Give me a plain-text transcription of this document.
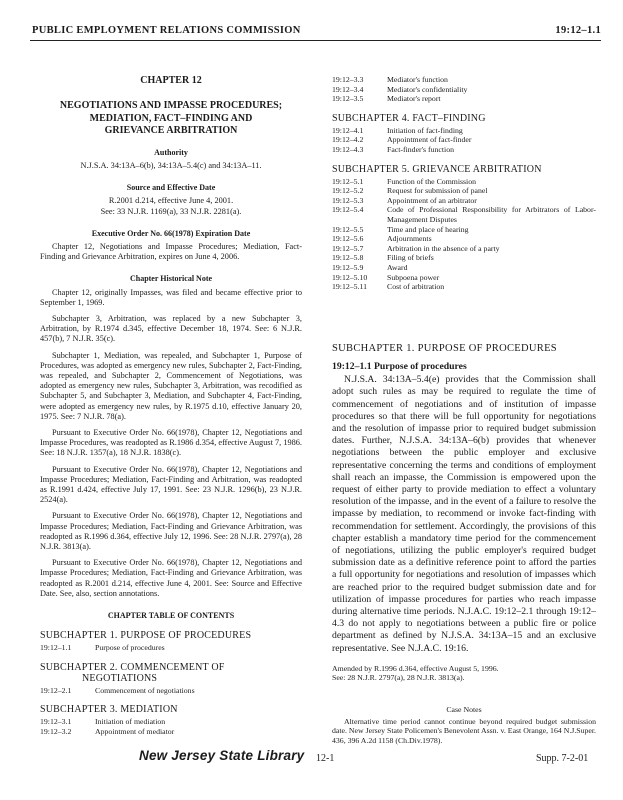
PUBLIC EMPLOYMENT RELATIONS COMMISSION	19:12–1.1
CHAPTER 12
NEGOTIATIONS AND IMPASSE PROCEDURES;
MEDIATION, FACT–FINDING AND
GRIEVANCE ARBITRATION
Authority
N.J.S.A. 34:13A–6(b), 34:13A–5.4(c) and 34:13A–11.
Source and Effective Date
R.2001 d.214, effective June 4, 2001.
See: 33 N.J.R. 1169(a), 33 N.J.R. 2281(a).
Executive Order No. 66(1978) Expiration Date
Chapter 12, Negotiations and Impasse Procedures; Mediation, Fact-Finding and Grievance Arbitration, expires on June 4, 2006.
Chapter Historical Note
Chapter 12, originally Impasses, was filed and became effective prior to September 1, 1969.
Subchapter 3, Arbitration, was replaced by a new Subchapter 3, Arbitration, by R.1974 d.345, effective December 18, 1974. See: 6 N.J.R. 457(b), 7 N.J.R. 35(c).
Subchapter 1, Mediation, was repealed, and Subchapter 1, Purpose of Procedures, was adopted as emergency new rules, Subchapter 2, Fact-Finding, was repealed, and Subchapter 2, Commencement of Negotiations, was adopted as emergency new rules, Subchapter 3, Arbitration, was recodified as Subchapter 5, and Subchapter 3, Mediation, and Subchapter 4, Fact-Finding, were adopted as emergency new rules, by R.1975 d.10, effective January 20, 1975. See: 7 N.J.R. 78(a).
Pursuant to Executive Order No. 66(1978), Chapter 12, Negotiations and Impasse Procedures, was readopted as R.1986 d.354, effective August 7, 1986. See: 18 N.J.R. 1357(a), 18 N.J.R. 1838(c).
Pursuant to Executive Order No. 66(1978), Chapter 12, Negotiations and Impasse Procedures; Mediation, Fact-Finding and Arbitration, was readopted as R.1991 d.424, effective July 17, 1991. See: 23 N.J.R. 1296(b), 23 N.J.R. 2524(a).
Pursuant to Executive Order No. 66(1978), Chapter 12, Negotiations and Impasse Procedures; Mediation, Fact-Finding and Grievance Arbitration, was readopted as R.1996 d.364, effective July 12, 1996. See: 28 N.J.R. 2797(a), 28 N.J.R. 3813(a).
Pursuant to Executive Order No. 66(1978), Chapter 12, Negotiations and Impasse Procedures; Mediation, Fact-Finding and Grievance Arbitration, was readopted as R.2001 d.214, effective June 4, 2001. See: Source and Effective Date. See, also, section annotations.
CHAPTER TABLE OF CONTENTS
SUBCHAPTER 1. PURPOSE OF PROCEDURES
19:12–1.1	Purpose of procedures
SUBCHAPTER 2. COMMENCEMENT OF
NEGOTIATIONS
19:12–2.1	Commencement of negotiations
SUBCHAPTER 3. MEDIATION
19:12–3.1	Initiation of mediation
19:12–3.2	Appointment of mediator
19:12–3.3	Mediator's function
19:12–3.4	Mediator's confidentiality
19:12–3.5	Mediator's report
SUBCHAPTER 4. FACT–FINDING
19:12–4.1	Initiation of fact-finding
19:12–4.2	Appointment of fact-finder
19:12–4.3	Fact-finder's function
SUBCHAPTER 5. GRIEVANCE ARBITRATION
19:12–5.1	Function of the Commission
19:12–5.2	Request for submission of panel
19:12–5.3	Appointment of an arbitrator
19:12–5.4	Code of Professional Responsibility for Arbitrators of Labor-Management Disputes
19:12–5.5	Time and place of hearing
19:12–5.6	Adjournments
19:12–5.7	Arbitration in the absence of a party
19:12–5.8	Filing of briefs
19:12–5.9	Award
19:12–5.10	Subpoena power
19:12–5.11	Cost of arbitration
SUBCHAPTER 1. PURPOSE OF PROCEDURES
19:12–1.1 Purpose of procedures
N.J.S.A. 34:13A–5.4(e) provides that the Commission shall adopt such rules as may be required to regulate the time of commencement of negotiations and of institution of impasse procedures so that there will be full opportunity for negotiations and the resolution of impasse prior to required budget submission dates. Further, N.J.S.A. 34:13A–6(b) provides that whenever negotiations between the public employer and exclusive representative concerning the terms and conditions of employment shall reach an impasse, the Commission is empowered upon the request of either party to provide mediation to effect a voluntary resolution of the impasse, and in the event of a failure to resolve the impasse by mediation, to recommend or invoke fact-finding with recommendation for settlement. Accordingly, the provisions of this chapter establish a mandatory time period for the commencement of negotiations, utilizing the public employer's required budget submission date as a definitive reference point to afford the parties a full opportunity for negotiations and resolution of impasses which are reached prior to the required budget submission date and for utilization of impasse procedures for parties who reach impasse during alternative time periods. N.J.A.C. 19:12–2.1 through 19:12–4.3 do not apply to negotiations between a public fire or police department as defined by N.J.S.A. 34:13A–15 and an exclusive representative. See N.J.A.C. 19:16.
Amended by R.1996 d.364, effective August 5, 1996.
See: 28 N.J.R. 2797(a), 28 N.J.R. 3813(a).
Case Notes
Alternative time period cannot continue beyond required budget submission date. New Jersey State Policemen's Benevolent Assn. v. East Orange, 164 N.J.Super. 436, 396 A.2d 1158 (Ch.Div.1978).
New Jersey State Library 12-1	Supp. 7-2-01
